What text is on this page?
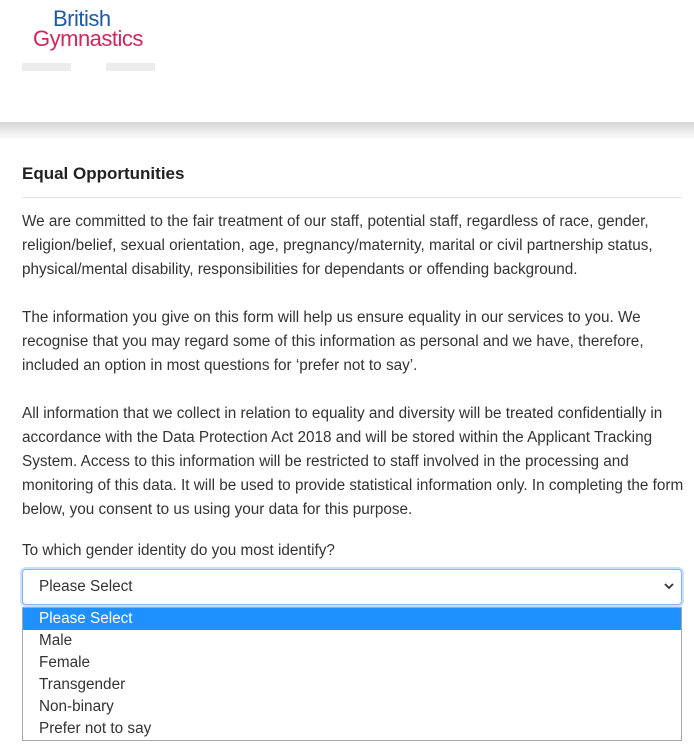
British
Gymnastics
Equal Opportunities

We are committed to the fair treatment of our staff, potential staff, regardless of race, gender, religion/belief, sexual orientation, age, pregnancy/maternity, marital or civil partnership status, physical/mental disability, responsibilities for dependants or offending background.

The information you give on this form will help us ensure equality in our services to you. We recognise that you may regard some of this information as personal and we have, therefore, included an option in most questions for ‘prefer not to say’.

All information that we collect in relation to equality and diversity will be treated confidentially in accordance with the Data Protection Act 2018 and will be stored within the Applicant Tracking System. Access to this information will be restricted to staff involved in the processing and monitoring of this data. It will be used to provide statistical information only. In completing the form below, you consent to us using your data for this purpose.

To which gender identity do you most identify?
Please Select
Please Select
Male
Female
Transgender
Non-binary
Prefer not to say
